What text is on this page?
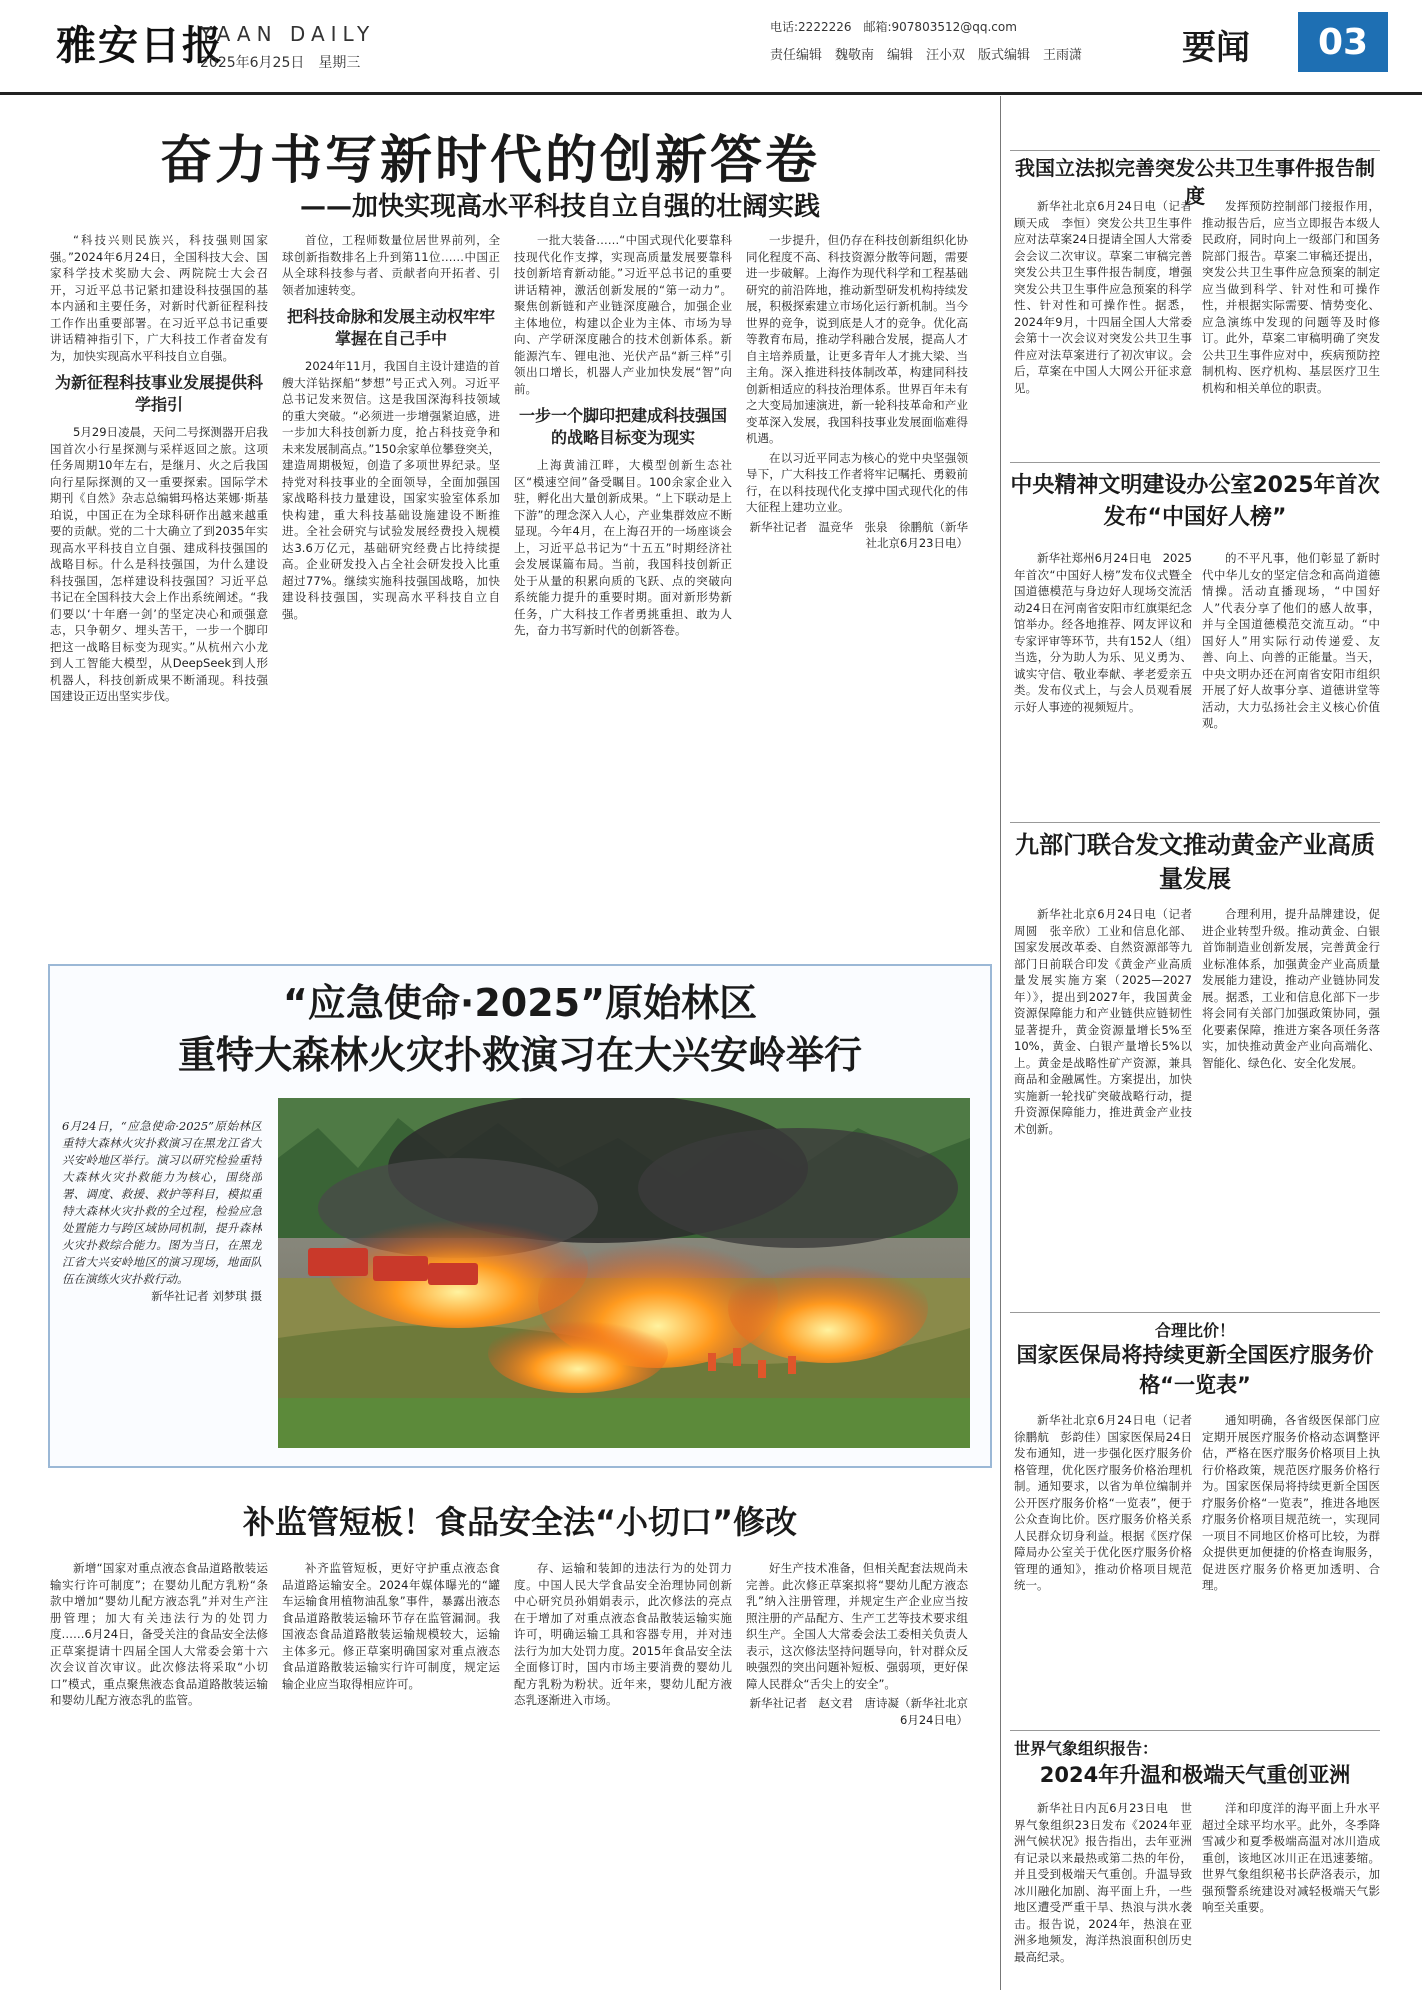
雅安日报
YAAN DAILY
2025年6月25日　星期三
电话:2222226　邮箱:907803512@qq.com
责任编辑　魏敬南　编辑　汪小双　版式编辑　王雨潇	要闻	03
奋力书写新时代的创新答卷
——加快实现高水平科技自立自强的壮阔实践

“科技兴则民族兴，科技强则国家强。”2024年6月24日，全国科技大会、国家科学技术奖励大会、两院院士大会召开，习近平总书记紧扣建设科技强国的基本内涵和主要任务，对新时代新征程科技工作作出重要部署。在习近平总书记重要讲话精神指引下，广大科技工作者奋发有为，加快实现高水平科技自立自强。

为新征程科技事业发展提供科学指引

5月29日凌晨，天问二号探测器开启我国首次小行星探测与采样返回之旅。这项任务周期10年左右，是继月、火之后我国向行星际探测的又一重要探索。国际学术期刊《自然》杂志总编辑玛格达莱娜·斯基珀说，中国正在为全球科研作出越来越重要的贡献。党的二十大确立了到2035年实现高水平科技自立自强、建成科技强国的战略目标。什么是科技强国，为什么建设科技强国，怎样建设科技强国？习近平总书记在全国科技大会上作出系统阐述。“我们要以‘十年磨一剑’的坚定决心和顽强意志，只争朝夕、埋头苦干，一步一个脚印把这一战略目标变为现实。”从杭州六小龙到人工智能大模型，从DeepSeek到人形机器人，科技创新成果不断涌现。科技强国建设正迈出坚实步伐。

首位，工程师数量位居世界前列，全球创新指数排名上升到第11位……中国正从全球科技参与者、贡献者向开拓者、引领者加速转变。

把科技命脉和发展主动权牢牢掌握在自己手中

2024年11月，我国自主设计建造的首艘大洋钻探船“梦想”号正式入列。习近平总书记发来贺信。这是我国深海科技领域的重大突破。“必须进一步增强紧迫感，进一步加大科技创新力度，抢占科技竞争和未来发展制高点。”150余家单位攀登突关，建造周期极短，创造了多项世界纪录。坚持党对科技事业的全面领导，全面加强国家战略科技力量建设，国家实验室体系加快构建，重大科技基础设施建设不断推进。全社会研究与试验发展经费投入规模达3.6万亿元，基础研究经费占比持续提高。企业研发投入占全社会研发投入比重超过77%。继续实施科技强国战略，加快建设科技强国，实现高水平科技自立自强。

一批大装备……“中国式现代化要靠科技现代化作支撑，实现高质量发展要靠科技创新培育新动能。”习近平总书记的重要讲话精神，激活创新发展的“第一动力”。聚焦创新链和产业链深度融合，加强企业主体地位，构建以企业为主体、市场为导向、产学研深度融合的技术创新体系。新能源汽车、锂电池、光伏产品“新三样”引领出口增长，机器人产业加快发展“智”向前。

一步一个脚印把建成科技强国的战略目标变为现实

上海黄浦江畔，大模型创新生态社区“模速空间”备受瞩目。100余家企业入驻，孵化出大量创新成果。“上下联动是上下游”的理念深入人心，产业集群效应不断显现。今年4月，在上海召开的一场座谈会上，习近平总书记为“十五五”时期经济社会发展谋篇布局。当前，我国科技创新正处于从量的积累向质的飞跃、点的突破向系统能力提升的重要时期。面对新形势新任务，广大科技工作者勇挑重担、敢为人先，奋力书写新时代的创新答卷。

一步提升，但仍存在科技创新组织化协同化程度不高、科技资源分散等问题，需要进一步破解。上海作为现代科学和工程基础研究的前沿阵地，推动新型研发机构持续发展，积极探索建立市场化运行新机制。当今世界的竞争，说到底是人才的竞争。优化高等教育布局，推动学科融合发展，提高人才自主培养质量，让更多青年人才挑大梁、当主角。深入推进科技体制改革，构建同科技创新相适应的科技治理体系。世界百年未有之大变局加速演进，新一轮科技革命和产业变革深入发展，我国科技事业发展面临难得机遇。

在以习近平同志为核心的党中央坚强领导下，广大科技工作者将牢记嘱托、勇毅前行，在以科技现代化支撑中国式现代化的伟大征程上建功立业。

新华社记者　温竞华　张泉　徐鹏航（新华社北京6月23日电）

我国立法拟完善突发公共卫生事件报告制度

新华社北京6月24日电（记者　顾天成　李恒）突发公共卫生事件应对法草案24日提请全国人大常委会会议二次审议。草案二审稿完善突发公共卫生事件报告制度，增强突发公共卫生事件应急预案的科学性、针对性和可操作性。据悉，2024年9月，十四届全国人大常委会第十一次会议对突发公共卫生事件应对法草案进行了初次审议。会后，草案在中国人大网公开征求意见。

发挥预防控制部门接报作用，推动报告后，应当立即报告本级人民政府，同时向上一级部门和国务院部门报告。草案二审稿还提出，突发公共卫生事件应急预案的制定应当做到科学、针对性和可操作性，并根据实际需要、情势变化、应急演练中发现的问题等及时修订。此外，草案二审稿明确了突发公共卫生事件应对中，疾病预防控制机构、医疗机构、基层医疗卫生机构和相关单位的职责。

中央精神文明建设办公室2025年首次发布“中国好人榜”

新华社郑州6月24日电　2025年首次“中国好人榜”发布仪式暨全国道德模范与身边好人现场交流活动24日在河南省安阳市红旗渠纪念馆举办。经各地推荐、网友评议和专家评审等环节，共有152人（组）当选，分为助人为乐、见义勇为、诚实守信、敬业奉献、孝老爱亲五类。发布仪式上，与会人员观看展示好人事迹的视频短片。

的不平凡事，他们彰显了新时代中华儿女的坚定信念和高尚道德情操。活动直播现场，“中国好人”代表分享了他们的感人故事，并与全国道德模范交流互动。“中国好人”用实际行动传递爱、友善、向上、向善的正能量。当天，中央文明办还在河南省安阳市组织开展了好人故事分享、道德讲堂等活动，大力弘扬社会主义核心价值观。

九部门联合发文推动黄金产业高质量发展

新华社北京6月24日电（记者　周圆　张辛欣）工业和信息化部、国家发展改革委、自然资源部等九部门日前联合印发《黄金产业高质量发展实施方案（2025—2027年）》，提出到2027年，我国黄金资源保障能力和产业链供应链韧性显著提升，黄金资源量增长5%至10%，黄金、白银产量增长5%以上。黄金是战略性矿产资源，兼具商品和金融属性。方案提出，加快实施新一轮找矿突破战略行动，提升资源保障能力，推进黄金产业技术创新。

合理利用，提升品牌建设，促进企业转型升级。推动黄金、白银首饰制造业创新发展，完善黄金行业标准体系，加强黄金产业高质量发展能力建设，推动产业链协同发展。据悉，工业和信息化部下一步将会同有关部门加强政策协同，强化要素保障，推进方案各项任务落实，加快推动黄金产业向高端化、智能化、绿色化、安全化发展。

合理比价！
国家医保局将持续更新全国医疗服务价格“一览表”

新华社北京6月24日电（记者　徐鹏航　彭韵佳）国家医保局24日发布通知，进一步强化医疗服务价格管理，优化医疗服务价格治理机制。通知要求，以省为单位编制并公开医疗服务价格“一览表”，便于公众查询比价。医疗服务价格关系人民群众切身利益。根据《医疗保障局办公室关于优化医疗服务价格管理的通知》，推动价格项目规范统一。

通知明确，各省级医保部门应定期开展医疗服务价格动态调整评估，严格在医疗服务价格项目上执行价格政策，规范医疗服务价格行为。国家医保局将持续更新全国医疗服务价格“一览表”，推进各地医疗服务价格项目规范统一，实现同一项目不同地区价格可比较，为群众提供更加便捷的价格查询服务，促进医疗服务价格更加透明、合理。

世界气象组织报告：
2024年升温和极端天气重创亚洲

新华社日内瓦6月23日电　世界气象组织23日发布《2024年亚洲气候状况》报告指出，去年亚洲有记录以来最热或第二热的年份，并且受到极端天气重创。升温导致冰川融化加剧、海平面上升，一些地区遭受严重干旱、热浪与洪水袭击。报告说，2024年，热浪在亚洲多地频发，海洋热浪面积创历史最高纪录。

洋和印度洋的海平面上升水平超过全球平均水平。此外，冬季降雪减少和夏季极端高温对冰川造成重创，该地区冰川正在迅速萎缩。世界气象组织秘书长萨洛表示，加强预警系统建设对减轻极端天气影响至关重要。

“应急使命·2025”原始林区
重特大森林火灾扑救演习在大兴安岭举行
6月24日，“应急使命·2025”原始林区重特大森林火灾扑救演习在黑龙江省大兴安岭地区举行。演习以研究检验重特大森林火灾扑救能力为核心，围绕部署、调度、救援、救护等科目，模拟重特大森林火灾扑救的全过程，检验应急处置能力与跨区域协同机制，提升森林火灾扑救综合能力。图为当日，在黑龙江省大兴安岭地区的演习现场，地面队伍在演练火灾扑救行动。

新华社记者 刘梦琪 摄
补监管短板！食品安全法“小切口”修改

新增“国家对重点液态食品道路散装运输实行许可制度”；在婴幼儿配方乳粉“条款中增加“婴幼儿配方液态乳”并对生产注册管理；加大有关违法行为的处罚力度……6月24日，备受关注的食品安全法修正草案提请十四届全国人大常委会第十六次会议首次审议。此次修法将采取“小切口”模式，重点聚焦液态食品道路散装运输和婴幼儿配方液态乳的监管。

补齐监管短板，更好守护重点液态食品道路运输安全。2024年媒体曝光的“罐车运输食用植物油乱象”事件，暴露出液态食品道路散装运输环节存在监管漏洞。我国液态食品道路散装运输规模较大，运输主体多元。修正草案明确国家对重点液态食品道路散装运输实行许可制度，规定运输企业应当取得相应许可。

存、运输和装卸的违法行为的处罚力度。中国人民大学食品安全治理协同创新中心研究员孙娟娟表示，此次修法的亮点在于增加了对重点液态食品散装运输实施许可，明确运输工具和容器专用，并对违法行为加大处罚力度。2015年食品安全法全面修订时，国内市场主要消费的婴幼儿配方乳粉为粉状。近年来，婴幼儿配方液态乳逐渐进入市场。

好生产技术准备，但相关配套法规尚未完善。此次修正草案拟将“婴幼儿配方液态乳”纳入注册管理，并规定生产企业应当按照注册的产品配方、生产工艺等技术要求组织生产。全国人大常委会法工委相关负责人表示，这次修法坚持问题导向，针对群众反映强烈的突出问题补短板、强弱项，更好保障人民群众“舌尖上的安全”。

新华社记者　赵文君　唐诗凝（新华社北京6月24日电）
